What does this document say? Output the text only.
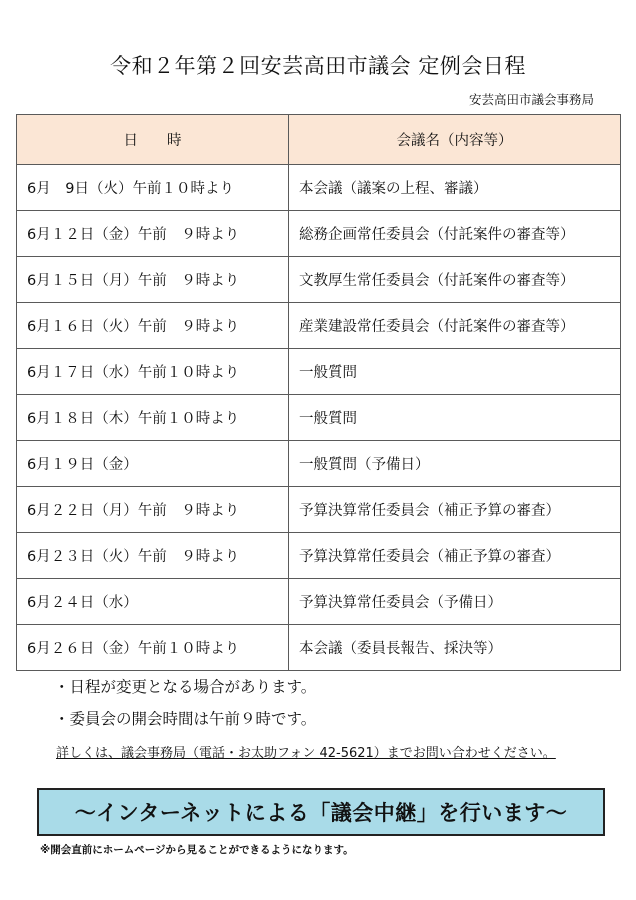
令和２年第２回安芸高田市議会 定例会日程

安芸高田市議会事務局

日　　時	会議名（内容等）
6月　9日（火）午前１０時より	本会議（議案の上程、審議）
6月１２日（金）午前　９時より	総務企画常任委員会（付託案件の審査等）
6月１５日（月）午前　９時より	文教厚生常任委員会（付託案件の審査等）
6月１６日（火）午前　９時より	産業建設常任委員会（付託案件の審査等）
6月１７日（水）午前１０時より	一般質問
6月１８日（木）午前１０時より	一般質問
6月１９日（金）	一般質問（予備日）
6月２２日（月）午前　９時より	予算決算常任委員会（補正予算の審査）
6月２３日（火）午前　９時より	予算決算常任委員会（補正予算の審査）
6月２４日（水）	予算決算常任委員会（予備日）
6月２６日（金）午前１０時より	本会議（委員長報告、採決等）
・日程が変更となる場合があります。
・委員会の開会時間は午前９時です。

詳しくは、議会事務局（電話・お太助フォン 42-5621）までお問い合わせください。

～インターネットによる「議会中継」を行います～

※開会直前にホームページから見ることができるようになります。
